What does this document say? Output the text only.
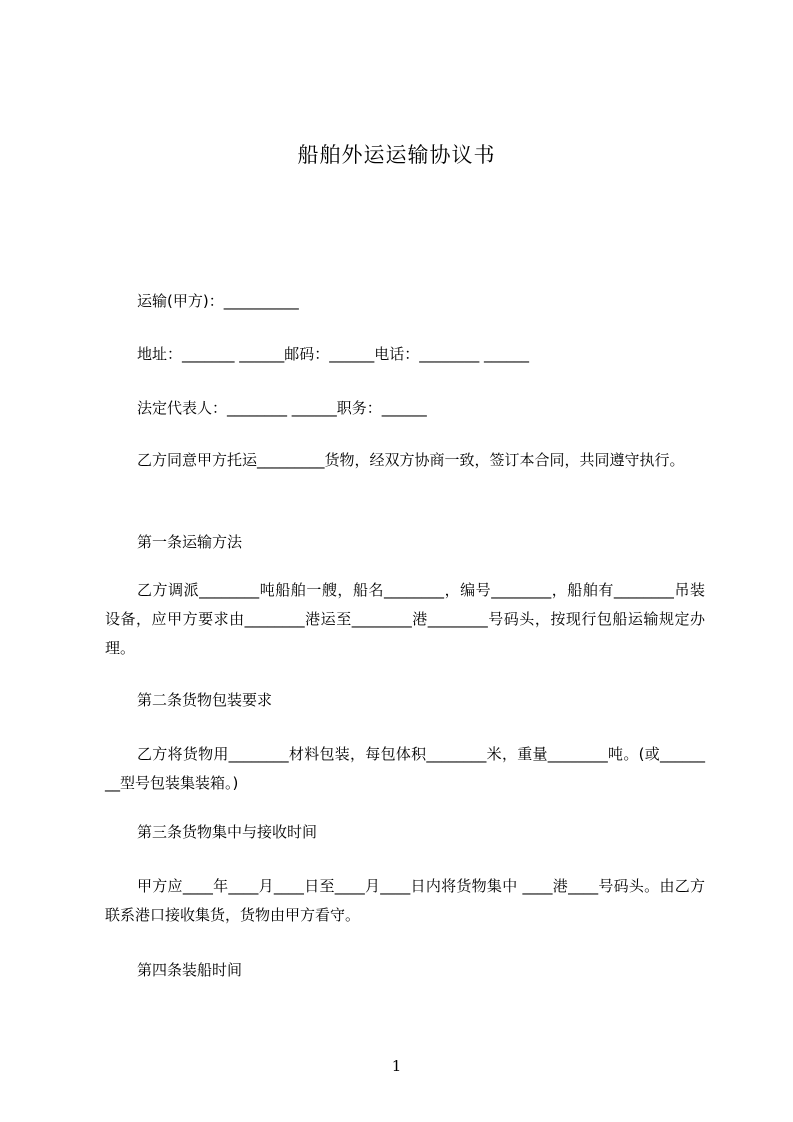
船舶外运运输协议书
运输(甲方)：__________
地址：_______ ______邮码：______电话：________ ______
法定代表人：________ ______职务：______
乙方同意甲方托运_________货物，经双方协商一致，签订本合同，共同遵守执行。
第一条运输方法
乙方调派________吨船舶一艘，船名________，编号________，船舶有________吊装设备，应甲方要求由________港运至________港________号码头，按现行包船运输规定办理。
第二条货物包装要求
乙方将货物用________材料包装，每包体积________米，重量________吨。(或________型号包装集装箱。)
第三条货物集中与接收时间
甲方应____年____月____日至____月____日内将货物集中 ____港____号码头。由乙方联系港口接收集货，货物由甲方看守。
第四条装船时间
1
